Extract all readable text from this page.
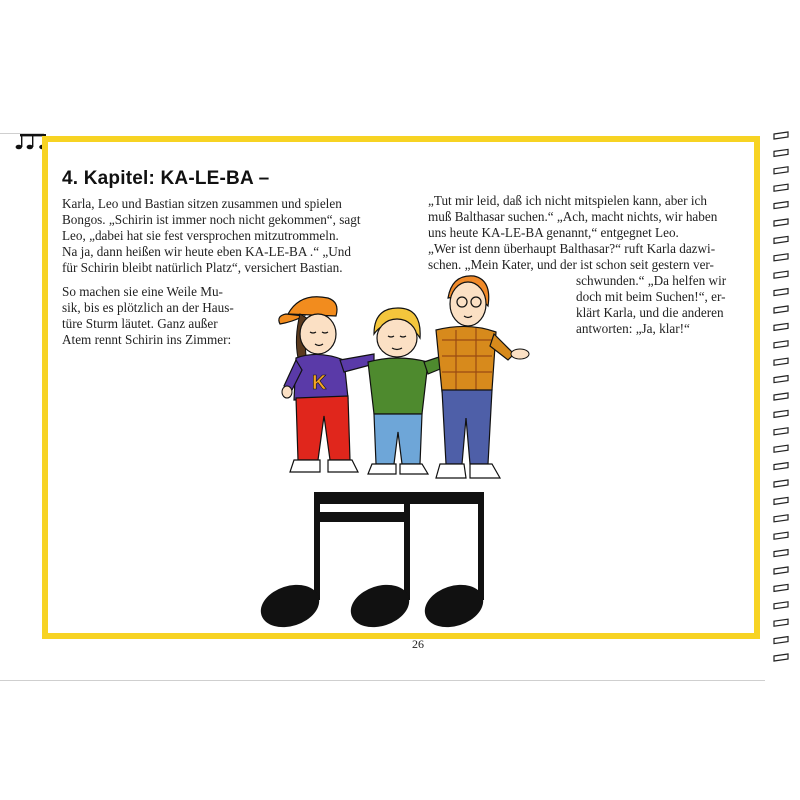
4. Kapitel: KA-LE-BA –

Karla, Leo und Bastian sitzen zusammen und spielen
Bongos. „Schirin ist immer noch nicht gekommen“, sagt
Leo, „dabei hat sie fest versprochen mitzutrommeln.
Na ja, dann heißen wir heute eben KA-LE-BA .“ „Und
für Schirin bleibt natürlich Platz“, versichert Bastian.

So machen sie eine Weile Mu-
sik, bis es plötzlich an der Haus-
türe Sturm läutet. Ganz außer
Atem rennt Schirin ins Zimmer:

„Tut mir leid, daß ich nicht mitspielen kann, aber ich
muß Balthasar suchen.“ „Ach, macht nichts, wir haben
uns heute KA-LE-BA genannt,“ entgegnet Leo.
„Wer ist denn überhaupt Balthasar?“ ruft Karla dazwi-
schen. „Mein Kater, und der ist schon seit gestern ver-
schwunden.“ „Da helfen wir
doch mit beim Suchen!“, er-
klärt Karla, und die anderen
antworten: „Ja, klar!“

K
26
